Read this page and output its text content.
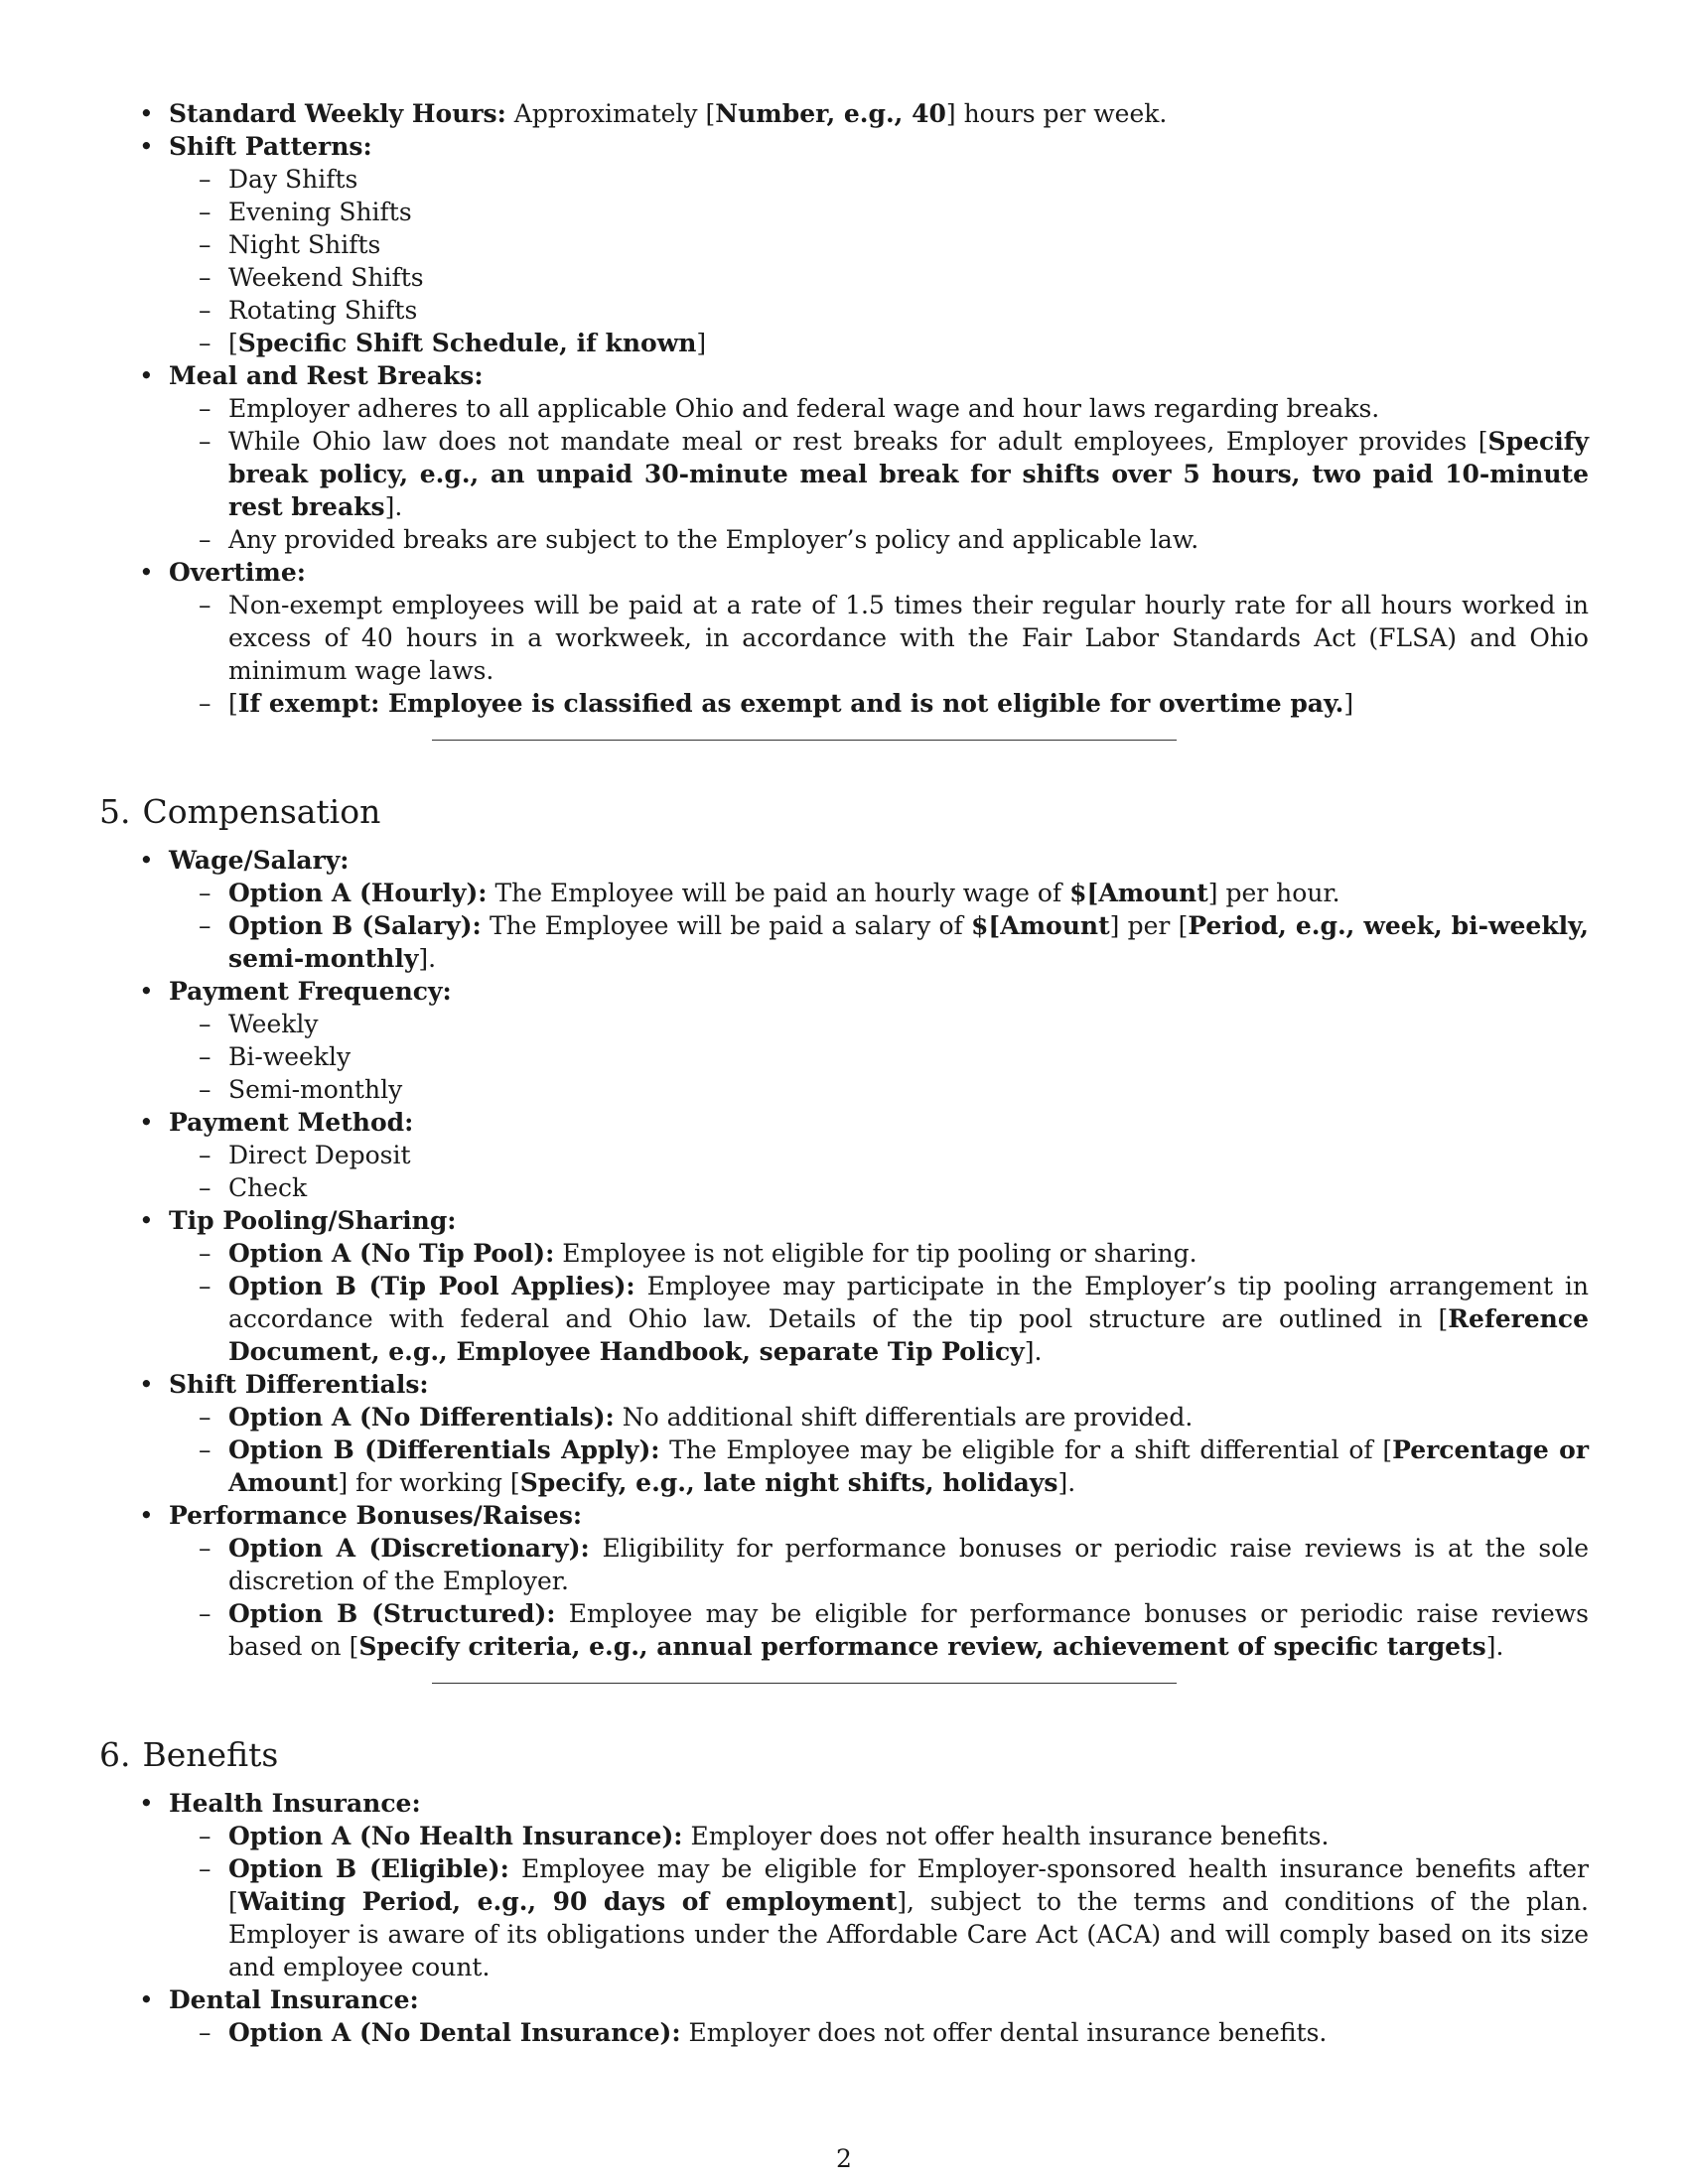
• Standard Weekly Hours: Approximately [Number, e.g., 40] hours per week.
• Shift Patterns:
– Day Shifts
– Evening Shifts
– Night Shifts
– Weekend Shifts
– Rotating Shifts
– [Specific Shift Schedule, if known]
• Meal and Rest Breaks:
– Employer adheres to all applicable Ohio and federal wage and hour laws regarding breaks.
– While Ohio law does not mandate meal or rest breaks for adult employees, Employer provides [Specify break policy, e.g., an unpaid 30-minute meal break for shifts over 5 hours, two paid 10-minute rest breaks].
– Any provided breaks are subject to the Employer’s policy and applicable law.
• Overtime:
– Non-exempt employees will be paid at a rate of 1.5 times their regular hourly rate for all hours worked in excess of 40 hours in a workweek, in accordance with the Fair Labor Standards Act (FLSA) and Ohio minimum wage laws.
– [If exempt: Employee is classified as exempt and is not eligible for overtime pay.]
5. Compensation
• Wage/Salary:
– Option A (Hourly): The Employee will be paid an hourly wage of $[Amount] per hour.
– Option B (Salary): The Employee will be paid a salary of $[Amount] per [Period, e.g., week, bi-weekly, semi-monthly].
• Payment Frequency:
– Weekly
– Bi-weekly
– Semi-monthly
• Payment Method:
– Direct Deposit
– Check
• Tip Pooling/Sharing:
– Option A (No Tip Pool): Employee is not eligible for tip pooling or sharing.
– Option B (Tip Pool Applies): Employee may participate in the Employer’s tip pooling arrangement in accordance with federal and Ohio law. Details of the tip pool structure are outlined in [Reference Document, e.g., Employee Handbook, separate Tip Policy].
• Shift Differentials:
– Option A (No Differentials): No additional shift differentials are provided.
– Option B (Differentials Apply): The Employee may be eligible for a shift differential of [Percentage or Amount] for working [Specify, e.g., late night shifts, holidays].
• Performance Bonuses/Raises:
– Option A (Discretionary): Eligibility for performance bonuses or periodic raise reviews is at the sole discretion of the Employer.
– Option B (Structured): Employee may be eligible for performance bonuses or periodic raise reviews based on [Specify criteria, e.g., annual performance review, achievement of specific targets].
6. Benefits
• Health Insurance:
– Option A (No Health Insurance): Employer does not offer health insurance benefits.
– Option B (Eligible): Employee may be eligible for Employer-sponsored health insurance benefits after [Waiting Period, e.g., 90 days of employment], subject to the terms and conditions of the plan. Employer is aware of its obligations under the Affordable Care Act (ACA) and will comply based on its size and employee count.
• Dental Insurance:
– Option A (No Dental Insurance): Employer does not offer dental insurance benefits.
2
